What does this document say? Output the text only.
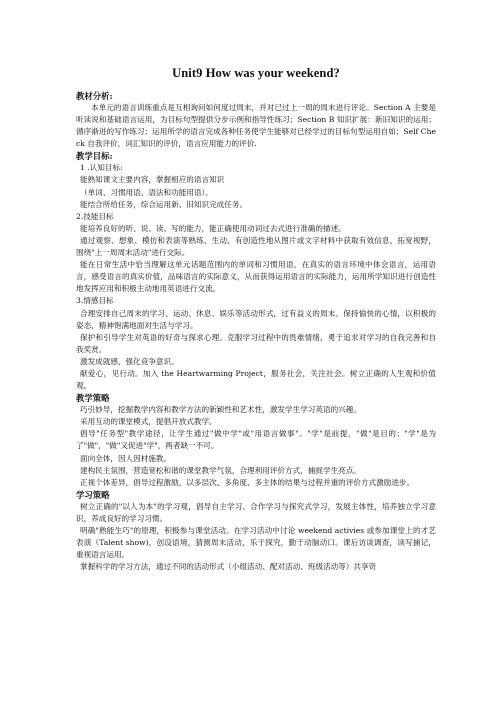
Unit9 How was your weekend?
教材分析:
本单元的语言训练重点是互相询问如何度过周末，并对已过上一周的周末进行评论。Section A 主要是听读说和基础语言运用，为目标句型提供分步示例和指导性练习；Section B 知识扩展：新旧知识的运用；循序渐进的写作练习；运用所学的语言完成各种任务使学生能够对已经学过的目标句型运用自如；Self Check 自我评价，词汇知识的评价，语言应用能力的评价.
教学目标:
1 .认知目标:
能熟知课文主要内容，掌握相应的语言知识
（单词、习惯用语、语法和功能用语）。
能结合所给任务，综合运用新、旧知识完成任务。
2.技能目标
能培养良好的听、说、读、写的能力，能正确使用动词过去式进行准确的描述。
通过观察、想象、模仿和表演等熟练、生动、有创造性地从图片或文字材料中获取有效信息，拓宽视野，围绕"上一周周末活动"进行交际。
能在日常生活中恰当理解这单元话题范围内的单词和习惯用语，在真实的语言环境中体会语言，运用语言，感受语言的真实价值，品味语言的实际意义，从而获得运用语言的实际能力，运用所学知识进行创造性地发挥应用和积极主动地用英语进行交流。
3.情感目标
合理安排自己周末的学习、运动、休息、娱乐等活动形式，过有益义的周末。保持愉快的心情，以积极的姿态，精神饱满地面对生活与学习。
保护和引导学生对英语的好奇与探求心理。克服学习过程中的畏难情绪，勇于追求对学习的自我完善和自我奖赏。
激发成就感，强化竞争意识。
献爱心，见行动。加入 the Heartwarming Project，服务社会，关注社会。树立正确的人生观和价值观。
教学策略
巧引妙导，挖掘教学内容和教学方法的新颖性和艺术性，激发学生学习英语的兴趣。
采用互动的课堂模式，提倡开放式教学。
倡导"任务型"教学途径，让学生通过"做中学"或"用语言做事"。"学"是前提，"做"是目的；"学"是为了"做"，"做"又促进"学"，两者缺一不可。
面向全体，因人因材施教。
建构民主氛围，营造宽松和谐的课堂教学气氛，合理利用评价方式，捕捉学生亮点。
正视个体差异，倡导过程激励，以多层次、多角度、多主体的结果与过程并重的评价方式激励进步。
学习策略
树立正确的"以人为本"的学习观，倡导自主学习、合作学习与探究式学习，发展主体性，培养独立学习意识，养成良好的学习习惯。
明确"熟能生巧"的原理，积极参与课堂活动。在学习活动中讨论 weekend activies 或参加课堂上的才艺表演（Talent show)，创设语境，猜测周末活动，乐于探究，勤于动脑动口。课后访谈调查，读写捕记，重视语言运用。
掌握科学的学习方法，通过不同的活动形式（小组活动、配对活动、班级活动等）共享资
